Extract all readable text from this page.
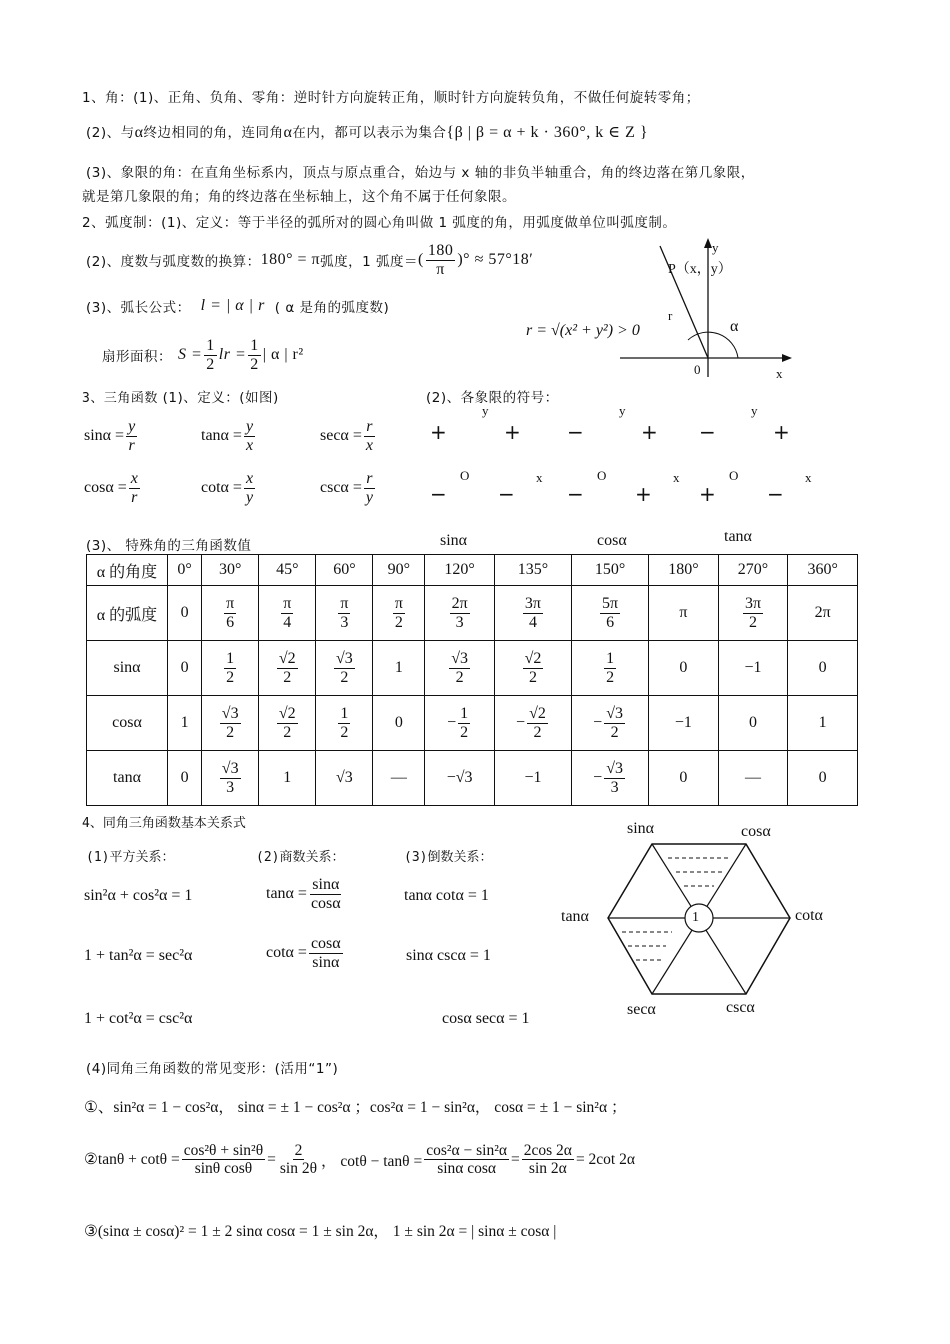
1、角：(1)、正角、负角、零角：逆时针方向旋转正角，顺时针方向旋转负角，不做任何旋转零角；
(2)、与α终边相同的角，连同角α在内，都可以表示为集合{β | β = α + k · 360°, k ∈ Z }
(3)、象限的角：在直角坐标系内，顶点与原点重合，始边与 x 轴的非负半轴重合，角的终边落在第几象限，
就是第几象限的角；角的终边落在坐标轴上，这个角不属于任何象限。
2、弧度制：(1)、定义：等于半径的弧所对的圆心角叫做 1 弧度的角，用弧度做单位叫弧度制。
(2)、度数与弧度数的换算： 180° = π 弧度，1 弧度＝ ( $\frac{180}{\pi}$ ) ° ≈ 57°18′
(3)、弧长公式： l = | α | r ( α 是角的弧度数)
扇形面积： $S = \frac{1}{2}$ lr = $\frac{1}{2}$ | α | r²
r = √(x² + y²) > 0
P（x，y）
y
x
0
r
α
3、三角函数 (1)、定义：(如图)	(2)、各象限的符号：
$\sin\alpha = \frac{y}{r}$	$\tan\alpha = \frac{y}{x}$	$\sec\alpha = \frac{r}{x}$
$\cos\alpha = \frac{x}{r}$	$\cot\alpha = \frac{x}{y}$	$\csc\alpha = \frac{r}{y}$
+	+
−	−
y
O	x
−	+
−	+
y
O	x
−	+
+	−
y
O	x
sinα	cosα	tanα
(3)、 特殊角的三角函数值
α 的角度	0°	30°	45°	60°	90°	120°	135°	150°	180°	270°	360°
α 的弧度	0	$\frac{\pi}{6}$	$\frac{\pi}{4}$	$\frac{\pi}{3}$	$\frac{\pi}{2}$	$\frac{2\pi}{3}$	$\frac{3\pi}{4}$	$\frac{5\pi}{6}$	π	$\frac{3\pi}{2}$	2π
sinα	0	$\frac{1}{2}$	$\frac{√2}{2}$	$\frac{√3}{2}$	1	$\frac{√3}{2}$	$\frac{√2}{2}$	$\frac{1}{2}$	0	−1	0
cosα	1	$\frac{√3}{2}$	$\frac{√2}{2}$	$\frac{1}{2}$	0	− $\frac{1}{2}$	− $\frac{√2}{2}$	− $\frac{√3}{2}$	−1	0	1
tanα	0	$\frac{√3}{3}$	1	√3	—	−√3	−1	− $\frac{√3}{3}$	0	—	0
4、同角三角函数基本关系式
(1)平方关系：	(2)商数关系：	(3)倒数关系：
sin²α + cos²α = 1
1 + tan²α = sec²α
1 + cot²α = csc²α
$\tan\alpha = \frac{\sin\alpha}{\cos\alpha}$
$\cot\alpha = \frac{\cos\alpha}{\sin\alpha}$
tanα cotα = 1
sinα cscα = 1
cosα secα = 1
1
sinα	cosα
tanα	cotα
secα	cscα
(4)同角三角函数的常见变形：(活用“1”)
①、sin²α = 1 − cos²α， sinα = ± 1 − cos²α ；cos²α = 1 − sin²α， cosα = ± 1 − sin²α ；
②tanθ + $\cot\theta = \frac{\text{cos²θ + sin²θ}}{\text{sinθ cosθ}} = \frac{2}{\sin 2\theta}$ ， $\cot\theta - \tan\theta = \frac{\text{cos²α − sin²α}}{\text{sinα cosα}} = \frac{2\cos 2\alpha}{\sin 2\alpha} = 2\cot$ 2α
③(sinα ± cosα)² = 1 ± 2 sinα cosα = 1 ± sin 2α， 1 ± sin 2α = | sinα ± cosα |
